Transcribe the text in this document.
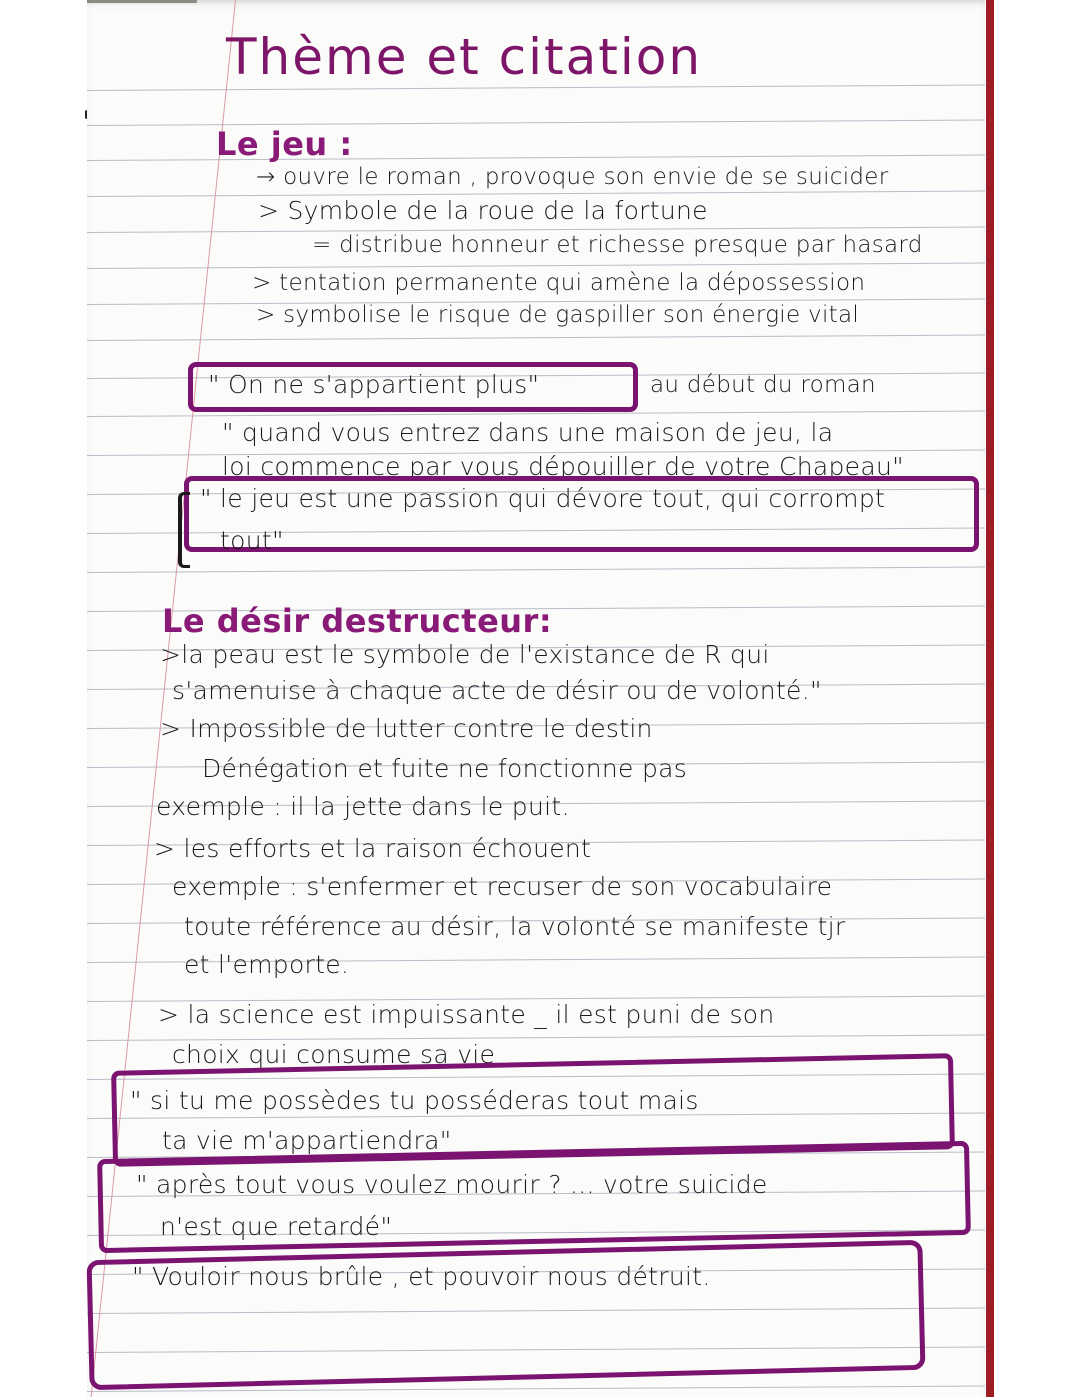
Thème et citation
Le jeu :
→ ouvre le roman , provoque son envie de se suicider
> Symbole de la roue de la fortune
= distribue honneur et richesse presque par hasard
> tentation permanente qui amène la dépossession
> symbolise le risque de gaspiller son énergie vital
" On ne s'appartient plus"	au début du roman
" quand vous entrez dans une maison de jeu, la
loi commence par vous dépouiller de votre Chapeau"
" le jeu est une passion qui dévore tout, qui corrompt
tout"
Le désir destructeur:
>la peau est le symbole de l'existance de R qui
s'amenuise à chaque acte de désir ou de volonté."
> Impossible de lutter contre le destin
Dénégation et fuite ne fonctionne pas
exemple : il la jette dans le puit.
> les efforts et la raison échouent
exemple : s'enfermer et recuser de son vocabulaire
toute référence au désir, la volonté se manifeste tjr
et l'emporte.
> la science est impuissante _ il est puni de son
choix qui consume sa vie
" si tu me possèdes tu posséderas tout mais
ta vie m'appartiendra"
" après tout vous voulez mourir ? ... votre suicide
n'est que retardé"
" Vouloir nous brûle , et pouvoir nous détruit.
